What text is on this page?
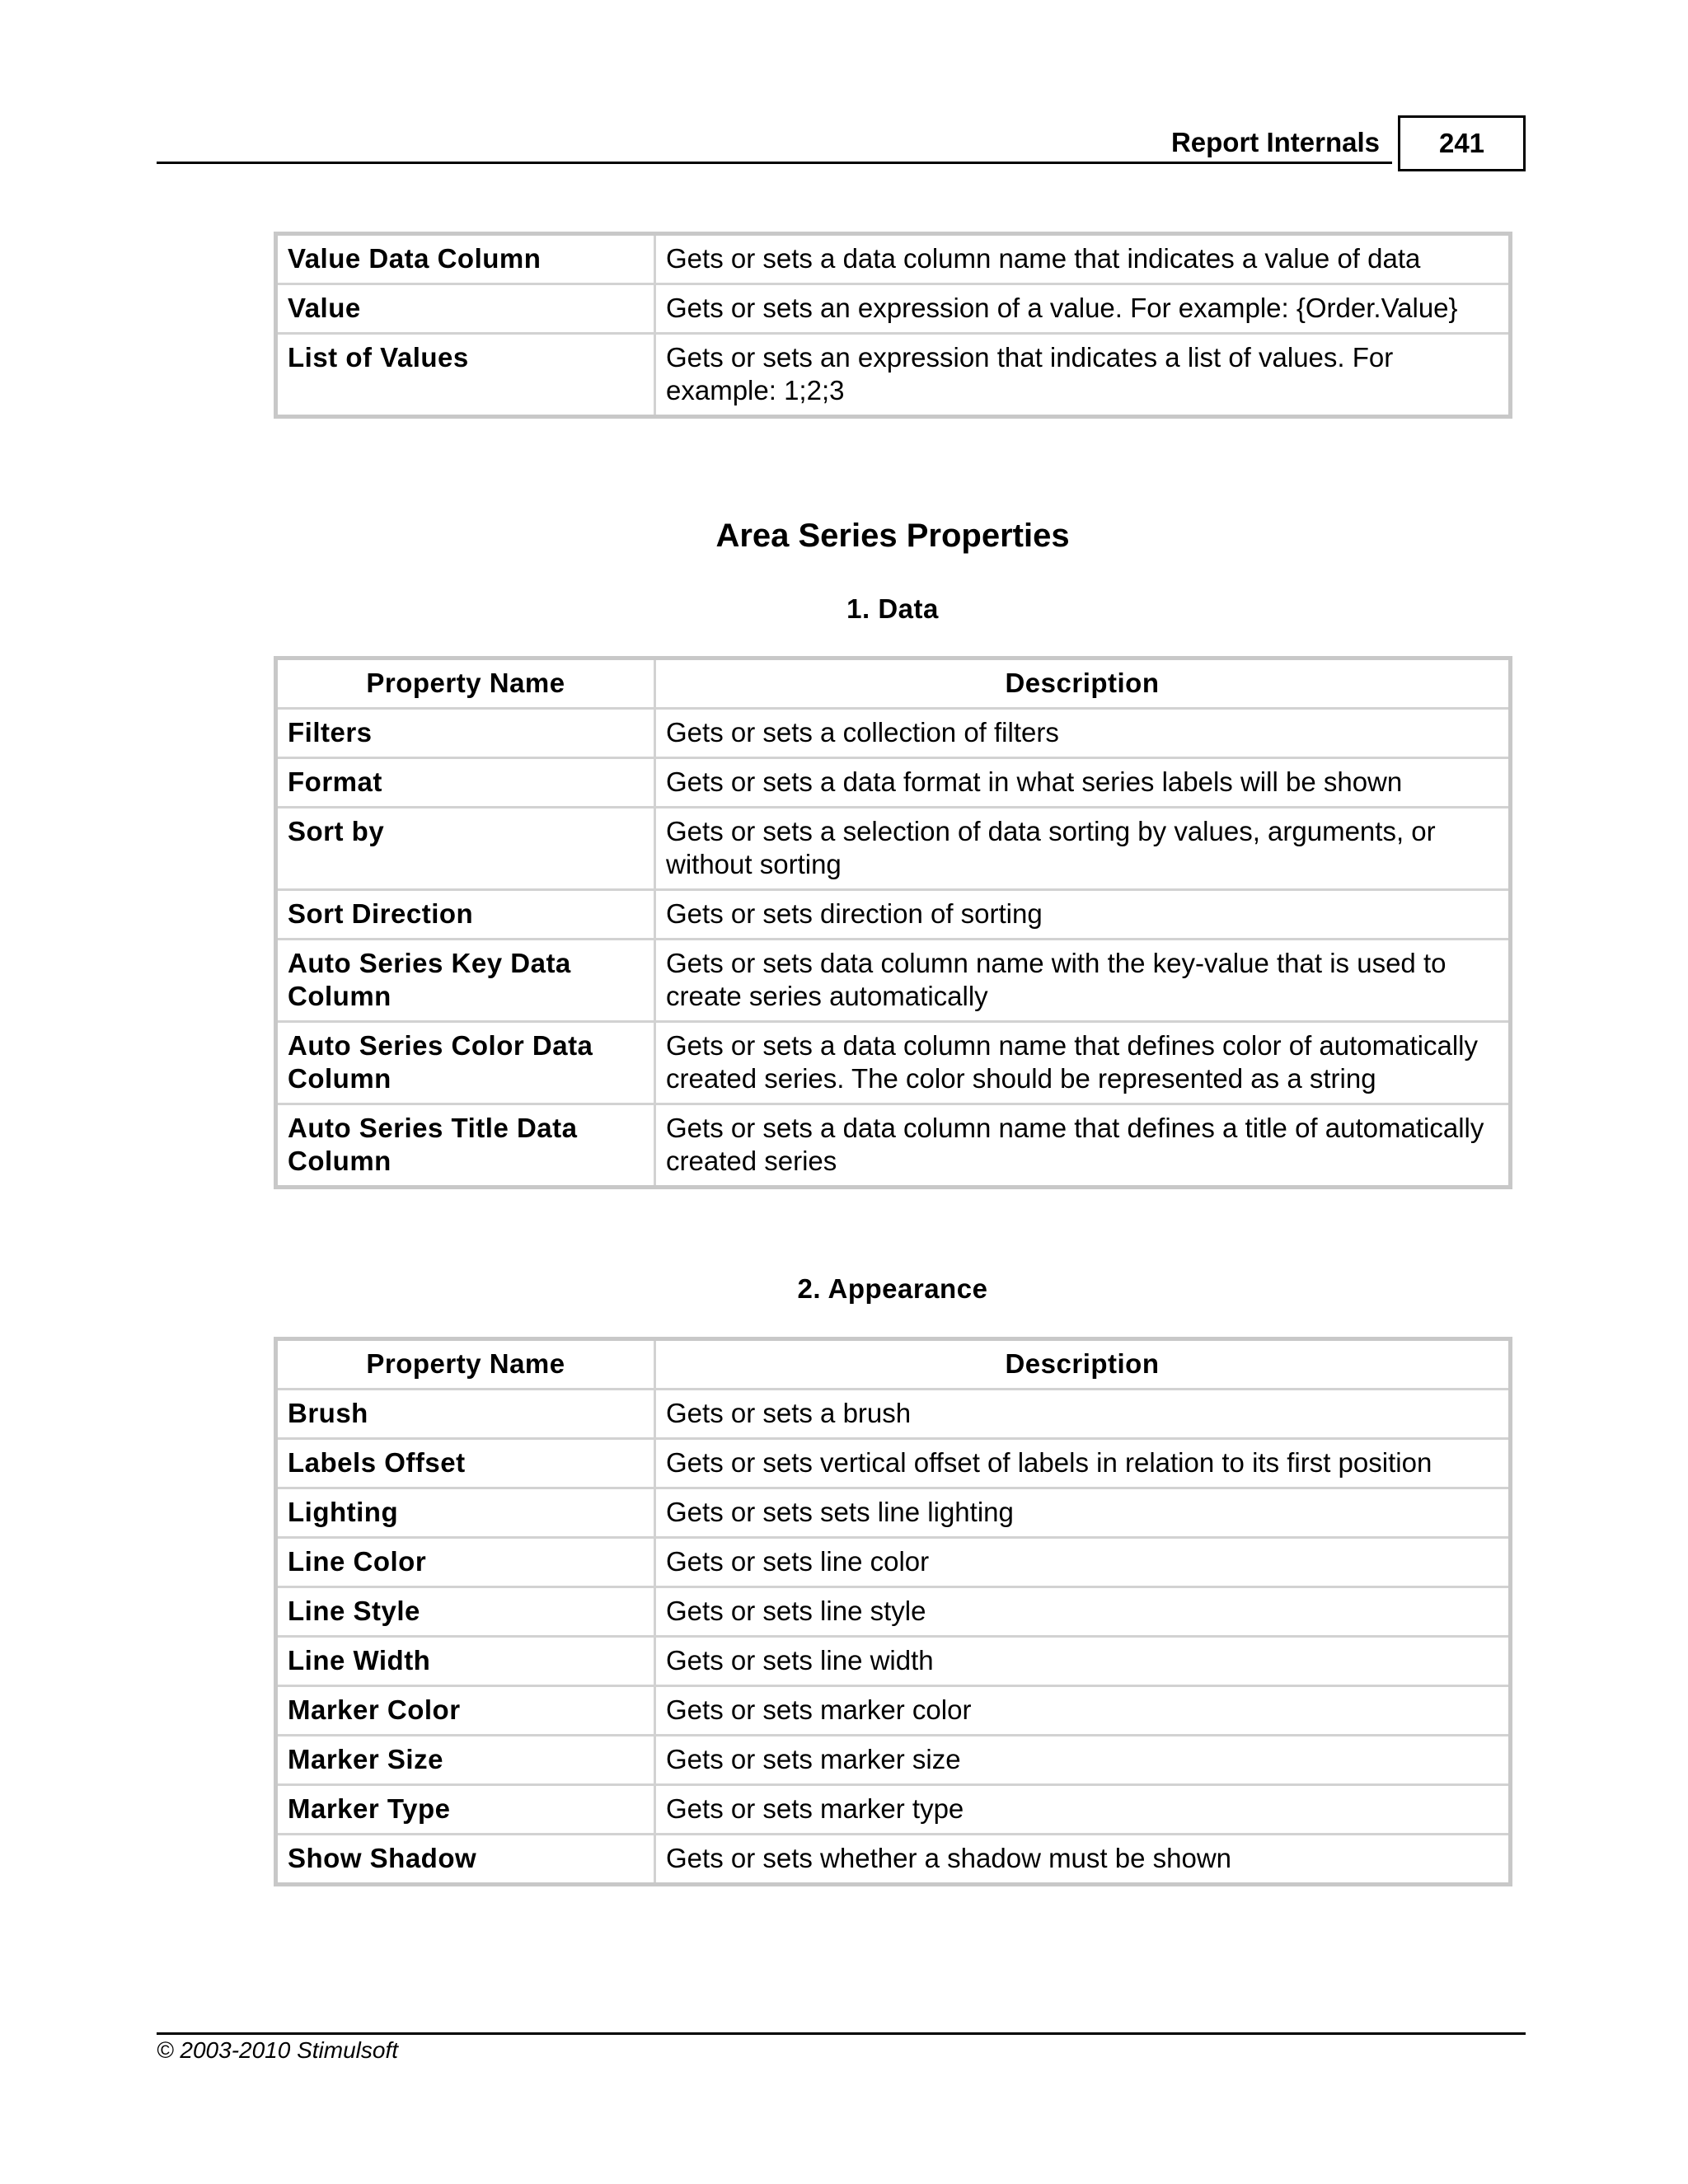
Report Internals	241
Value Data Column	Gets or sets a data column name that indicates a value of data
Value	Gets or sets an expression of a value. For example: {Order.Value}
List of Values	Gets or sets an expression that indicates a list of values. For example: 1;2;3
Area Series Properties
1. Data
Property Name	Description
Filters	Gets or sets a collection of filters
Format	Gets or sets a data format in what series labels will be shown
Sort by	Gets or sets a selection of data sorting by values, arguments, or without sorting
Sort Direction	Gets or sets direction of sorting
Auto Series Key Data Column	Gets or sets data column name with the key-value that is used to create series automatically
Auto Series Color Data Column	Gets or sets a data column name that defines color of automatically created series. The color should be represented as a string
Auto Series Title Data Column	Gets or sets a data column name that defines a title of automatically created series
2. Appearance
Property Name	Description
Brush	Gets or sets a brush
Labels Offset	Gets or sets vertical offset of labels in relation to its first position
Lighting	Gets or sets sets line lighting
Line Color	Gets or sets line color
Line Style	Gets or sets line style
Line Width	Gets or sets line width
Marker Color	Gets or sets marker color
Marker Size	Gets or sets marker size
Marker Type	Gets or sets marker type
Show Shadow	Gets or sets whether a shadow must be shown
© 2003-2010 Stimulsoft
